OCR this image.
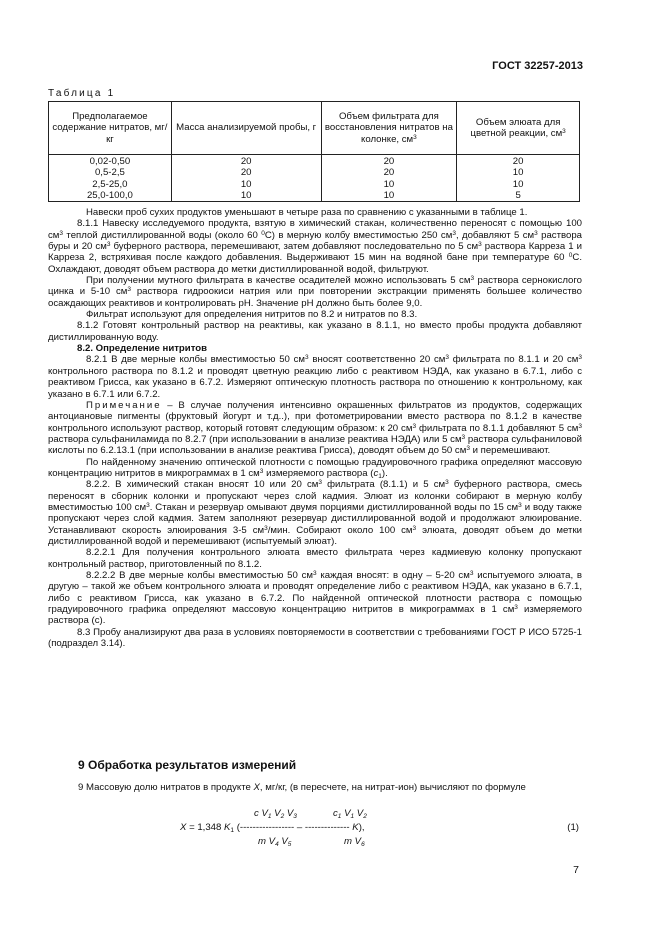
ГОСТ 32257-2013
Таблица 1
Предполагаемое содержание нитратов, мг/кг	Масса анализируемой пробы, г	Объем фильтрата для восстановления нитратов на колонке, $см^3$	Объем элюата для цветной реакции, $см^3$
0,02-0,50	20	20	20
0,5-2,5	20	20	10
2,5-25,0	10	10	10
25,0-100,0	10	10	5

Навески проб сухих продуктов уменьшают в четыре раза по сравнению с указанными в таблице 1.

8.1.1 Навеску исследуемого продукта, взятую в химический стакан, количественно переносят с помощью 100 $см^3$ теплой дистиллированной воды (около 60 $^0$С) в мерную колбу вместимостью 250 $см^3$, добавляют 5 $см^3$ раствора буры и 20 $см^3$ буферного раствора, перемешивают, затем добавляют последовательно по 5 $см^3$ раствора Карреза 1 и Карреза 2, встряхивая после каждого добавления. Выдерживают 15 мин на водяной бане при температуре 60 $^0$С. Охлаждают, доводят объем раствора до метки дистиллированной водой, фильтруют.

При получении мутного фильтрата в качестве осадителей можно использовать 5 $см^3$ раствора сернокислого цинка и 5-10 $см^3$ раствора гидроокиси натрия или при повторении экстракции применять большее количество осаждающих реактивов и контролировать pH. Значение pH должно быть более 9,0.

Фильтрат используют для определения нитритов по 8.2 и нитратов по 8.3.

8.1.2 Готовят контрольный раствор на реактивы, как указано в 8.1.1, но вместо пробы продукта добавляют дистиллированную воду.

8.2. Определение нитритов

8.2.1 В две мерные колбы вместимостью 50 $см^3$ вносят соответственно 20 $см^3$ фильтрата по 8.1.1 и 20 $см^3$ контрольного раствора по 8.1.2 и проводят цветную реакцию либо с реактивом НЭДА, как указано в 6.7.1, либо с реактивом Грисса, как указано в 6.7.2. Измеряют оптическую плотность раствора по отношению к контрольному, как указано в 6.7.1 или 6.7.2.

Примечание – В случае получения интенсивно окрашенных фильтратов из продуктов, содержащих антоциановые пигменты (фруктовый йогурт и т.д..), при фотометрировании вместо раствора по 8.1.2 в качестве контрольного используют раствор, который готовят следующим образом: к 20 $см^3$ фильтрата по 8.1.1 добавляют 5 $см^3$ раствора сульфаниламида по 8.2.7 (при использовании в анализе реактива НЭДА) или 5 $см^3$ раствора сульфаниловой кислоты по 6.2.13.1 (при использовании в анализе реактива Грисса), доводят объем до 50 $см^3$ и перемешивают.

По найденному значению оптической плотности с помощью градуировочного графика определяют массовую концентрацию нитритов в микрограммах в 1 $см^3$ измеряемого раствора $(c_1)$.

8.2.2. В химический стакан вносят 10 или 20 $см^3$ фильтрата (8.1.1) и 5 $см^3$ буферного раствора, смесь переносят в сборник колонки и пропускают через слой кадмия. Элюат из колонки собирают в мерную колбу вместимостью 100 $см^3$. Стакан и резервуар омывают двумя порциями дистиллированной воды по 15 $см^3$ и воду также пропускают через слой кадмия. Затем заполняют резервуар дистиллированной водой и продолжают элюирование. Устанавливают скорость элюирования 3-5 $см^3$/мин. Собирают около 100 $см^3$ элюата, доводят объем до метки дистиллированной водой и перемешивают (испытуемый элюат).

8.2.2.1 Для получения контрольного элюата вместо фильтрата через кадмиевую колонку пропускают контрольный раствор, приготовленный по 8.1.2.

8.2.2.2 В две мерные колбы вместимостью 50 $см^3$ каждая вносят: в одну – 5-20 $см^3$ испытуемого элюата, в другую – такой же объем контрольного элюата и проводят определение либо с реактивом НЭДА, как указано в 6.7.1, либо с реактивом Грисса, как указано в 6.7.2. По найденной оптической плотности раствора с помощью градуировочного графика определяют массовую концентрацию нитритов в микрограммах в 1 $см^3$ измеряемого раствора (c).

8.3 Пробу анализируют два раза в условиях повторяемости в соответствии с требованиями ГОСТ Р ИСО 5725-1 (подраздел 3.14).

9 Обработка результатов измерений

9 Массовую долю нитратов в продукте X, мг/кг, (в пересчете, на нитрат-ион) вычисляют по формуле

c $V_1$ $V_2$ $V_3$	$c_1$ $V_1$ $V_2$
X = 1,348 $K_1$ (----------------- – -------------- K),	(1)
m $V_4$ $V_5$	m $V_6$
7
